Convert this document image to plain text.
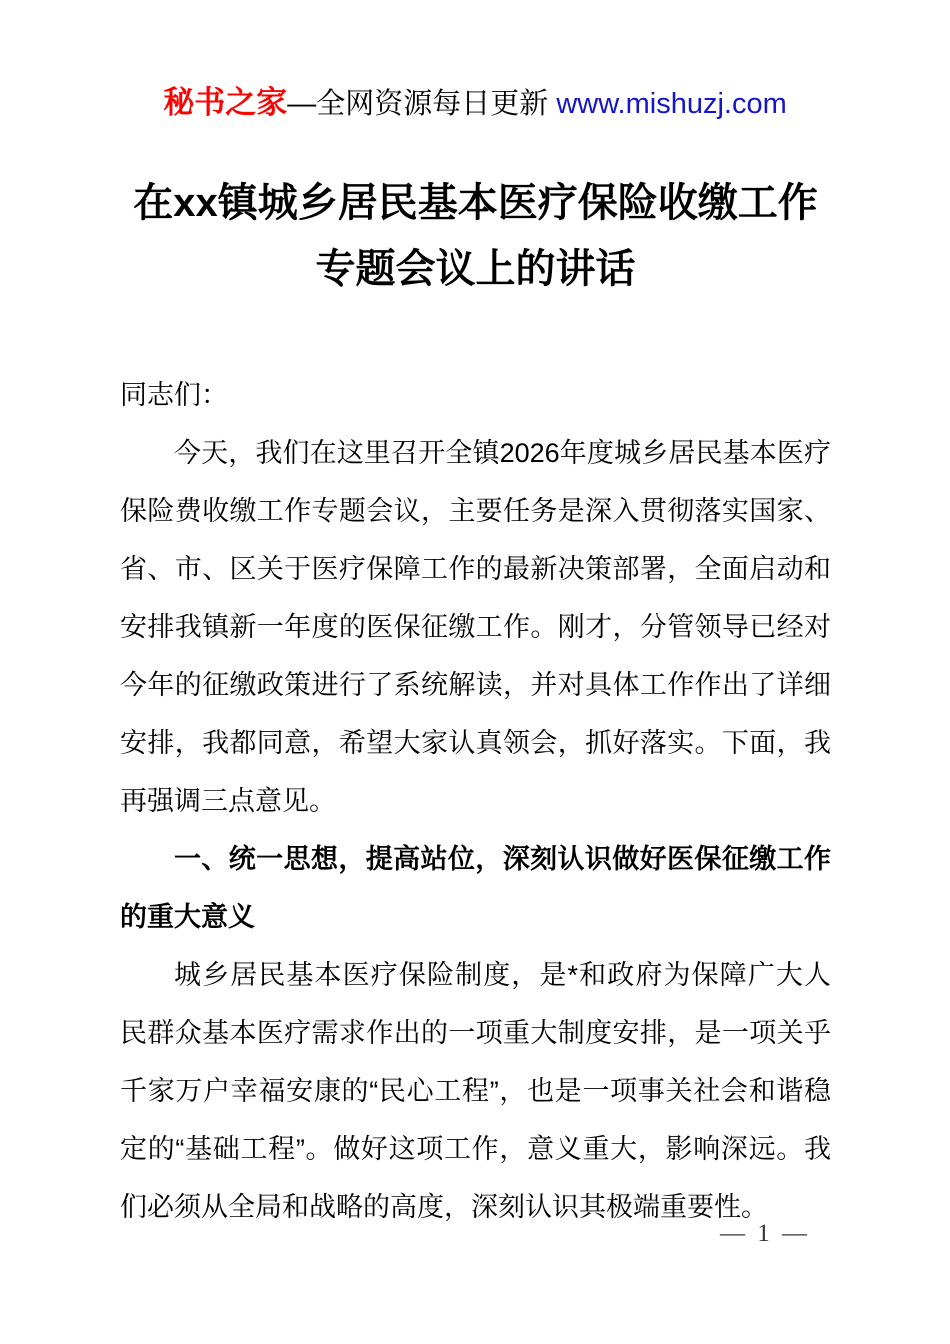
秘书之家—全网资源每日更新 www.mishuzj.com
在xx镇城乡居民基本医疗保险收缴工作
专题会议上的讲话

同志们：

今天，我们在这里召开全镇2026年度城乡居民基本医疗保险费收缴工作专题会议，主要任务是深入贯彻落实国家、省、市、区关于医疗保障工作的最新决策部署，全面启动和安排我镇新一年度的医保征缴工作。刚才，分管领导已经对今年的征缴政策进行了系统解读，并对具体工作作出了详细安排，我都同意，希望大家认真领会，抓好落实。下面，我再强调三点意见。

一、统一思想，提高站位，深刻认识做好医保征缴工作的重大意义

城乡居民基本医疗保险制度，是*和政府为保障广大人民群众基本医疗需求作出的一项重大制度安排，是一项关乎千家万户幸福安康的“民心工程”，也是一项事关社会和谐稳定的“基础工程”。做好这项工作，意义重大，影响深远。我们必须从全局和战略的高度，深刻认识其极端重要性。

— 1 —
